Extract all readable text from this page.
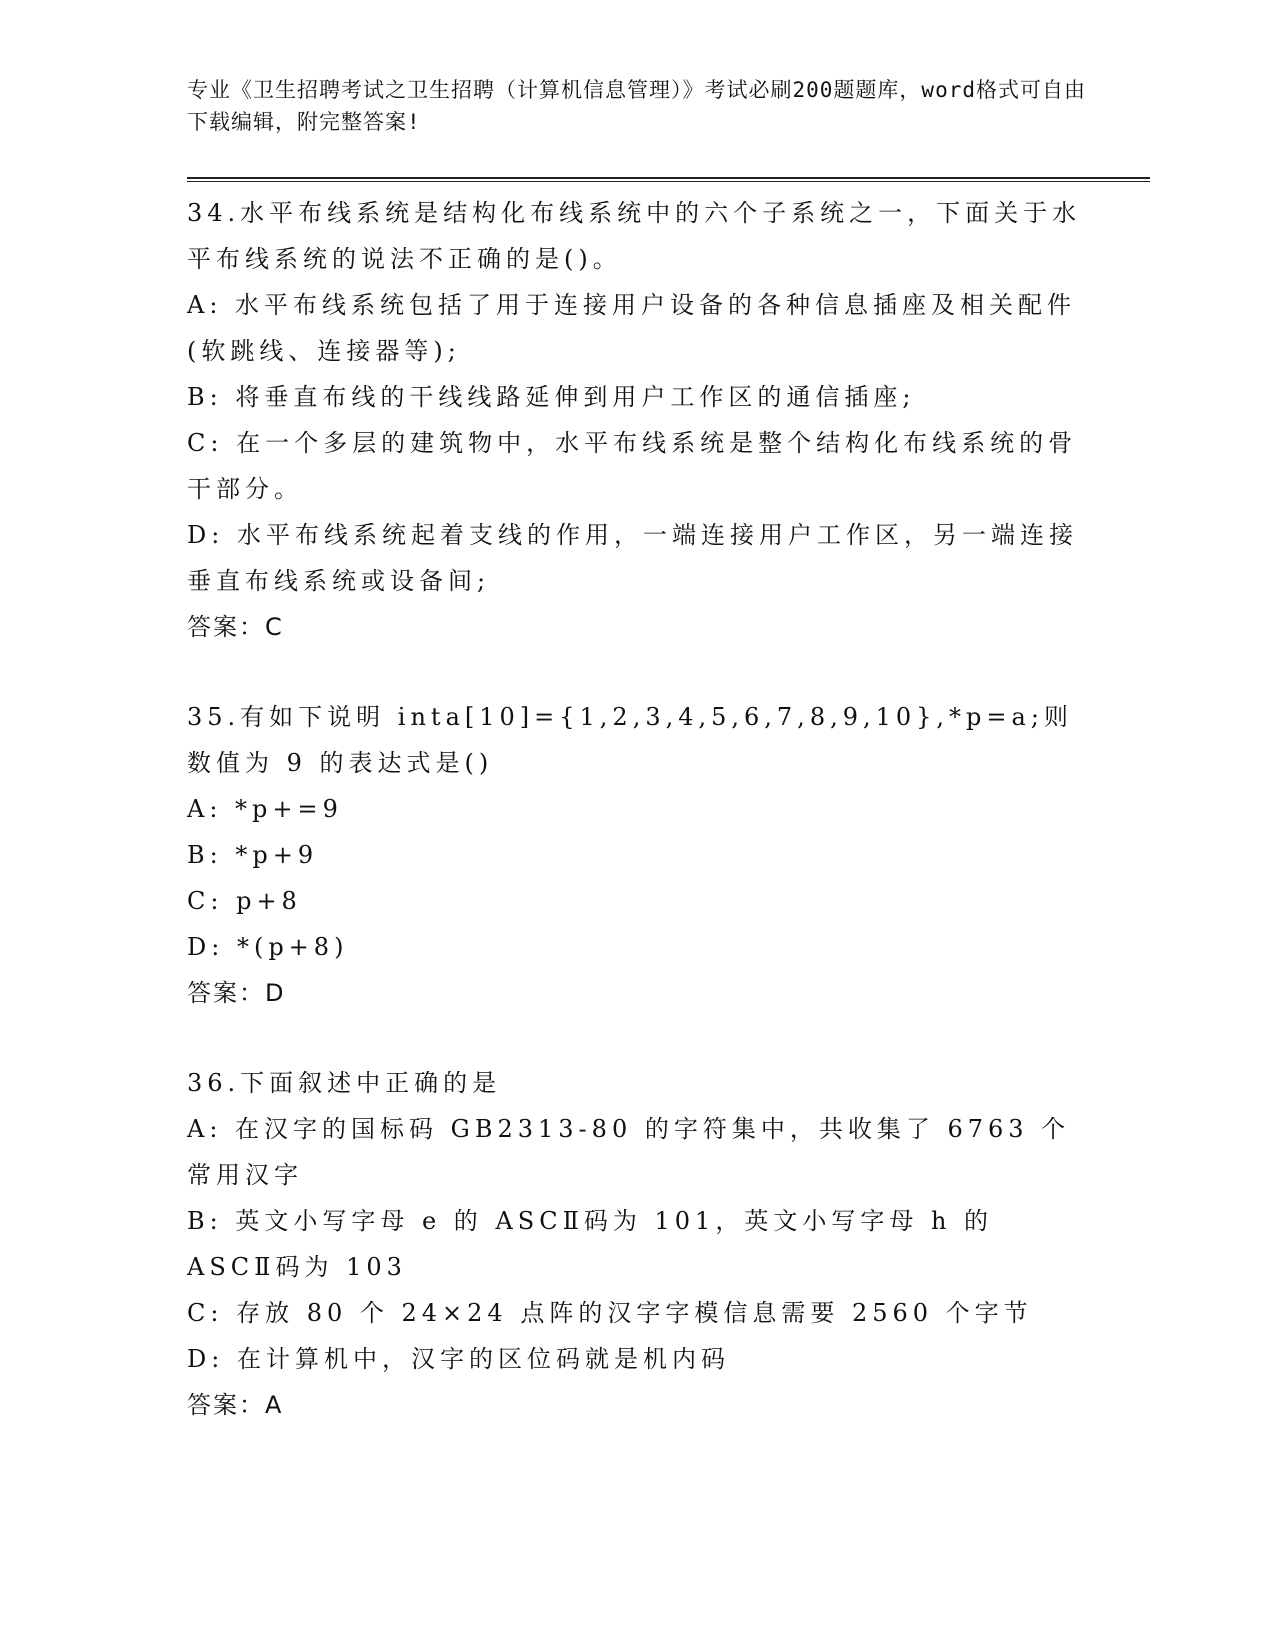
专业《卫生招聘考试之卫生招聘（计算机信息管理）》考试必刷200题题库，word格式可自由下载编辑，附完整答案!
34.水平布线系统是结构化布线系统中的六个子系统之一，下面关于水平布线系统的说法不正确的是()。
A: 水平布线系统包括了用于连接用户设备的各种信息插座及相关配件(软跳线、连接器等);
B: 将垂直布线的干线线路延伸到用户工作区的通信插座;
C: 在一个多层的建筑物中，水平布线系统是整个结构化布线系统的骨干部分。
D: 水平布线系统起着支线的作用，一端连接用户工作区，另一端连接垂直布线系统或设备间;
答案：C
35.有如下说明 inta[10]={1,2,3,4,5,6,7,8,9,10},*p=a;则数值为 9 的表达式是()
A: *p+=9
B: *p+9
C: p+8
D: *(p+8)
答案：D
36.下面叙述中正确的是
A: 在汉字的国标码 GB2313-80 的字符集中，共收集了 6763 个常用汉字
B: 英文小写字母 e 的 ASCⅡ码为 101，英文小写字母 h 的 ASCⅡ码为 103
C: 存放 80 个 24×24 点阵的汉字字模信息需要 2560 个字节
D: 在计算机中，汉字的区位码就是机内码
答案：A
